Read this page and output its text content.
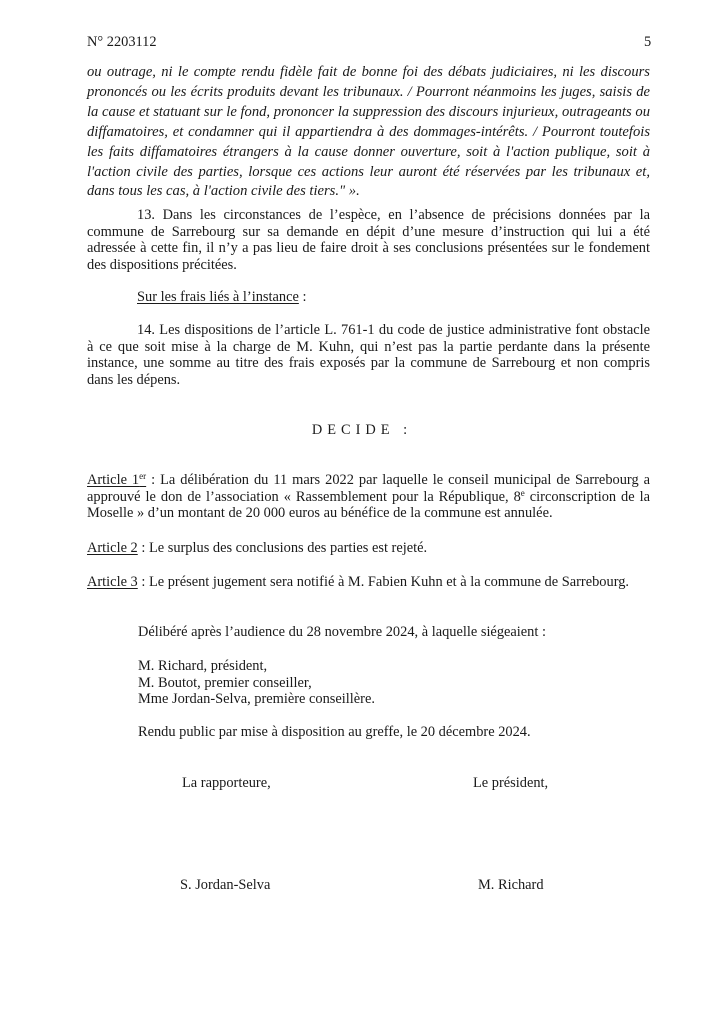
N° 2203112	5

ou outrage, ni le compte rendu fidèle fait de bonne foi des débats judiciaires, ni les discours prononcés ou les écrits produits devant les tribunaux. / Pourront néanmoins les juges, saisis de la cause et statuant sur le fond, prononcer la suppression des discours injurieux, outrageants ou diffamatoires, et condamner qui il appartiendra à des dommages-intérêts. / Pourront toutefois les faits diffamatoires étrangers à la cause donner ouverture, soit à l'action publique, soit à l'action civile des parties, lorsque ces actions leur auront été réservées par les tribunaux et, dans tous les cas, à l'action civile des tiers." ».

13. Dans les circonstances de l’espèce, en l’absence de précisions données par la commune de Sarrebourg sur sa demande en dépit d’une mesure d’instruction qui lui a été adressée à cette fin, il n’y a pas lieu de faire droit à ses conclusions présentées sur le fondement des dispositions précitées.

Sur les frais liés à l’instance :

14. Les dispositions de l’article L. 761-1 du code de justice administrative font obstacle à ce que soit mise à la charge de M. Kuhn, qui n’est pas la partie perdante dans la présente instance, une somme au titre des frais exposés par la commune de Sarrebourg et non compris dans les dépens.

DECIDE :

Article 1er : La délibération du 11 mars 2022 par laquelle le conseil municipal de Sarrebourg a approuvé le don de l’association « Rassemblement pour la République, 8e circonscription de la Moselle » d’un montant de 20 000 euros au bénéfice de la commune est annulée.

Article 2 : Le surplus des conclusions des parties est rejeté.

Article 3 : Le présent jugement sera notifié à M. Fabien Kuhn et à la commune de Sarrebourg.

Délibéré après l’audience du 28 novembre 2024, à laquelle siégeaient :
M. Richard, président,
M. Boutot, premier conseiller,
Mme Jordan-Selva, première conseillère.
Rendu public par mise à disposition au greffe, le 20 décembre 2024.
La rapporteure,	Le président,
S. Jordan-Selva	M. Richard
